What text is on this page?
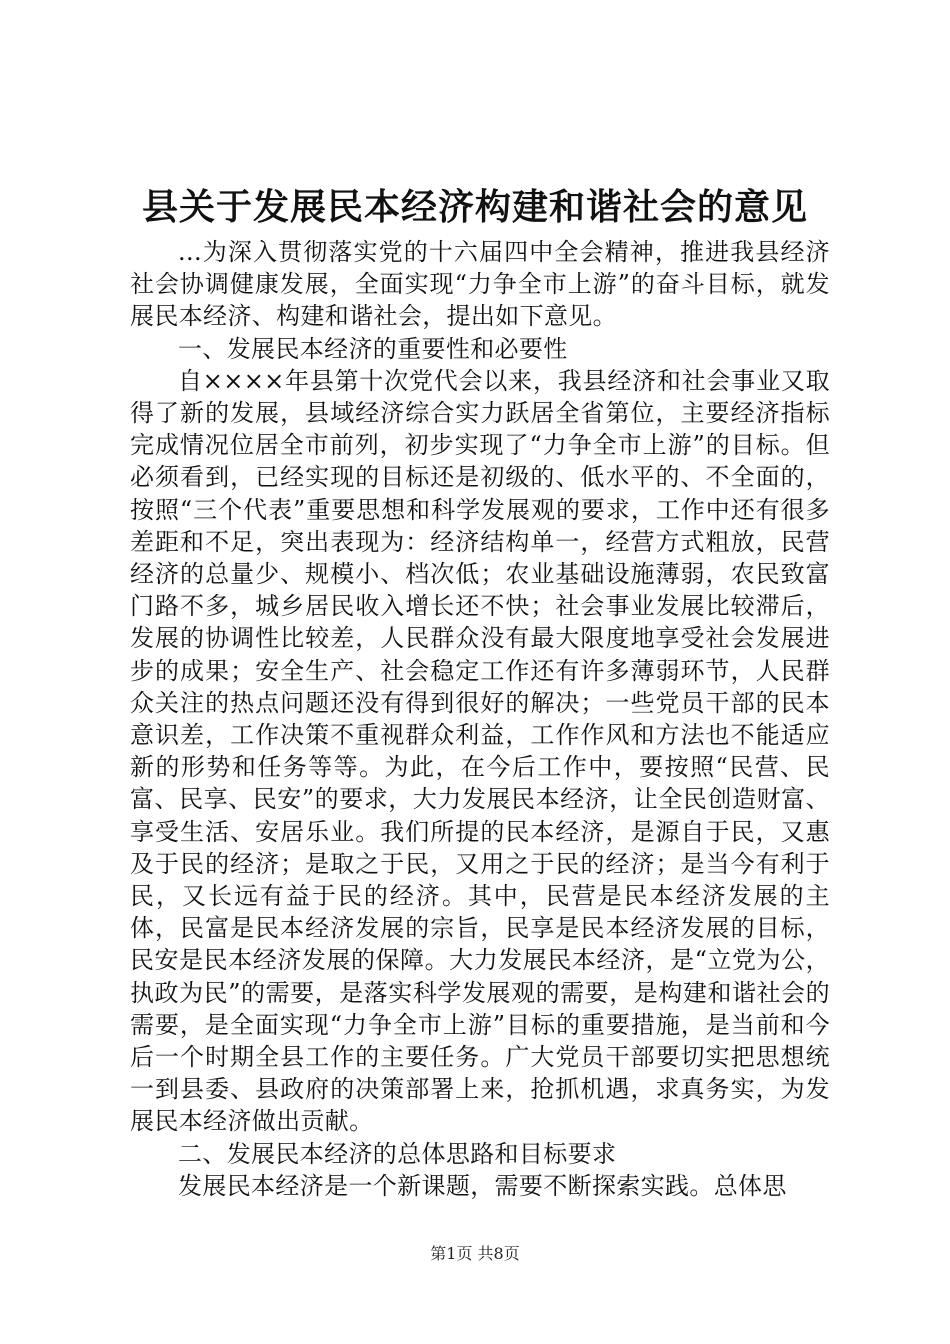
县关于发展民本经济构建和谐社会的意见

...为深入贯彻落实党的十六届四中全会精神，推进我县经济社会协调健康发展，全面实现“力争全市上游”的奋斗目标，就发展民本经济、构建和谐社会，提出如下意见。

一、发展民本经济的重要性和必要性

自××××年县第十次党代会以来，我县经济和社会事业又取得了新的发展，县域经济综合实力跃居全省第位，主要经济指标完成情况位居全市前列，初步实现了“力争全市上游”的目标。但必须看到，已经实现的目标还是初级的、低水平的、不全面的，按照“三个代表”重要思想和科学发展观的要求，工作中还有很多差距和不足，突出表现为：经济结构单一，经营方式粗放，民营经济的总量少、规模小、档次低；农业基础设施薄弱，农民致富门路不多，城乡居民收入增长还不快；社会事业发展比较滞后，发展的协调性比较差，人民群众没有最大限度地享受社会发展进步的成果；安全生产、社会稳定工作还有许多薄弱环节，人民群众关注的热点问题还没有得到很好的解决；一些党员干部的民本意识差，工作决策不重视群众利益，工作作风和方法也不能适应新的形势和任务等等。为此，在今后工作中，要按照“民营、民富、民享、民安”的要求，大力发展民本经济，让全民创造财富、享受生活、安居乐业。我们所提的民本经济，是源自于民，又惠及于民的经济；是取之于民，又用之于民的经济；是当今有利于民，又长远有益于民的经济。其中，民营是民本经济发展的主体，民富是民本经济发展的宗旨，民享是民本经济发展的目标，民安是民本经济发展的保障。大力发展民本经济，是“立党为公，执政为民”的需要，是落实科学发展观的需要，是构建和谐社会的需要，是全面实现“力争全市上游”目标的重要措施，是当前和今后一个时期全县工作的主要任务。广大党员干部要切实把思想统一到县委、县政府的决策部署上来，抢抓机遇，求真务实，为发展民本经济做出贡献。

二、发展民本经济的总体思路和目标要求

发展民本经济是一个新课题，需要不断探索实践。总体思

第1页 共8页
